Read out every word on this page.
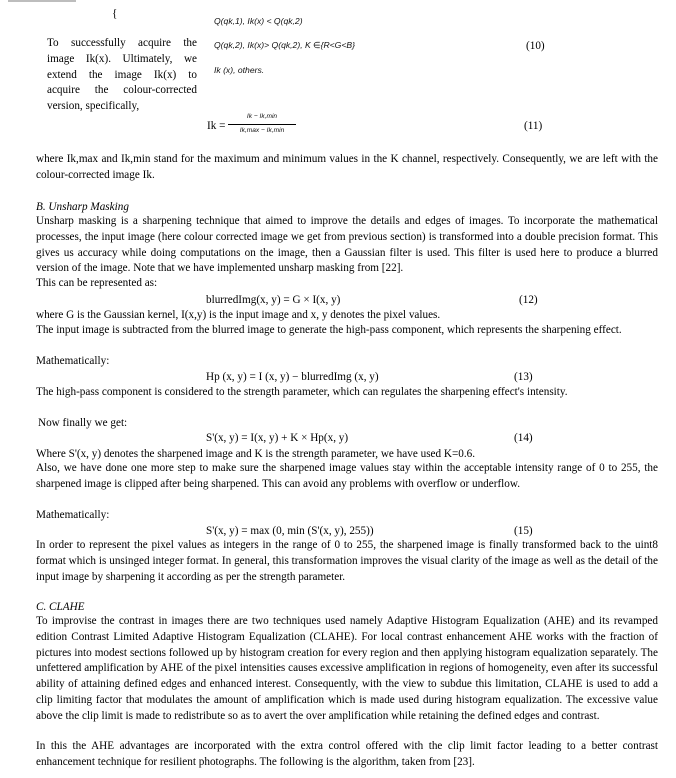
{
Q(qk,1), Ik(x) < Q(qk,2)
Q(qk,2), Ik(x)> Q(qk,2), K ∈{R<G<B}
Ik (x), others.
(10)
To successfully acquire the
image Ik(x). Ultimately, we
extend the image Ik(x) to
acquire the colour-corrected
version, specifically,
Ik =
Ik − Ik,min
Ik,max − Ik,min	(11)
where Ik,max and Ik,min stand for the maximum and minimum values in the K channel, respectively. Consequently, we are left with the colour-corrected image Ik.
B. Unsharp Masking
Unsharp masking is a sharpening technique that aimed to improve the details and edges of images. To incorporate the mathematical processes, the input image (here colour corrected image we get from previous section) is transformed into a double precision format. This gives us accuracy while doing computations on the image, then a Gaussian filter is used. This filter is used here to produce a blurred version of the image. Note that we have implemented unsharp masking from [22].
This can be represented as:
blurredImg(x, y) = G × I(x, y)	(12)
where G is the Gaussian kernel, I(x,y) is the input image and x, y denotes the pixel values.
The input image is subtracted from the blurred image to generate the high-pass component, which represents the sharpening effect.
Mathematically:
Hp (x, y) = I (x, y) − blurredImg (x, y)	(13)
The high-pass component is considered to the strength parameter, which can regulates the sharpening effect's intensity.
Now finally we get:
S'(x, y) = I(x, y) + K × Hp(x, y)	(14)
Where S'(x, y) denotes the sharpened image and K is the strength parameter, we have used K=0.6.
Also, we have done one more step to make sure the sharpened image values stay within the acceptable intensity range of 0 to 255, the sharpened image is clipped after being sharpened. This can avoid any problems with overflow or underflow.
Mathematically:
S'(x, y) = max (0, min (S'(x, y), 255))	(15)
In order to represent the pixel values as integers in the range of 0 to 255, the sharpened image is finally transformed back to the uint8 format which is unsinged integer format. In general, this transformation improves the visual clarity of the image as well as the detail of the input image by sharpening it according as per the strength parameter.
C. CLAHE
To improvise the contrast in images there are two techniques used namely Adaptive Histogram Equalization (AHE) and its revamped edition Contrast Limited Adaptive Histogram Equalization (CLAHE). For local contrast enhancement AHE works with the fraction of pictures into modest sections followed up by histogram creation for every region and then applying histogram equalization separately. The unfettered amplification by AHE of the pixel intensities causes excessive amplification in regions of homogeneity, even after its successful ability of attaining defined edges and enhanced interest. Consequently, with the view to subdue this limitation, CLAHE is used to add a clip limiting factor that modulates the amount of amplification which is made used during histogram equalization. The excessive value above the clip limit is made to redistribute so as to avert the over amplification while retaining the defined edges and contrast.
In this the AHE advantages are incorporated with the extra control offered with the clip limit factor leading to a better contrast enhancement technique for resilient photographs. The following is the algorithm, taken from [23].
